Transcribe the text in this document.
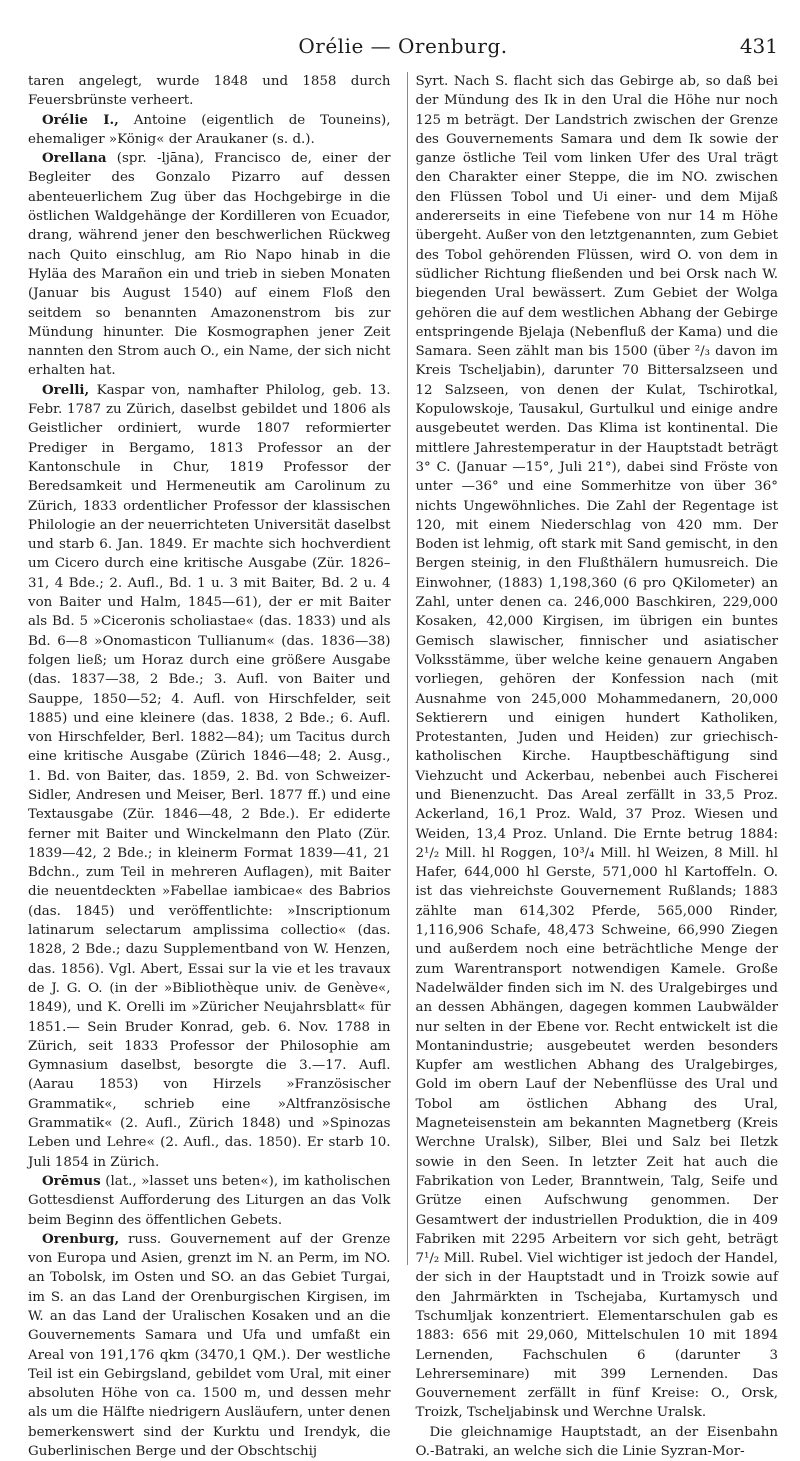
Orélie — Orenburg.	431

taren angelegt, wurde 1848 und 1858 durch Feuersbrünste verheert.

Orélie I., Antoine (eigentlich de Touneins), ehemaliger »König« der Araukaner (s. d.).

Orellana (spr. -ljāna), Francisco de, einer der Begleiter des Gonzalo Pizarro auf dessen abenteuerlichem Zug über das Hochgebirge in die östlichen Waldgehänge der Kordilleren von Ecuador, drang, während jener den beschwerlichen Rückweg nach Quito einschlug, am Rio Napo hinab in die Hyläa des Marañon ein und trieb in sieben Monaten (Januar bis August 1540) auf einem Floß den seitdem so benannten Amazonenstrom bis zur Mündung hinunter. Die Kosmographen jener Zeit nannten den Strom auch O., ein Name, der sich nicht erhalten hat.

Orelli, Kaspar von, namhafter Philolog, geb. 13. Febr. 1787 zu Zürich, daselbst gebildet und 1806 als Geistlicher ordiniert, wurde 1807 reformierter Prediger in Bergamo, 1813 Professor an der Kantonschule in Chur, 1819 Professor der Beredsamkeit und Hermeneutik am Carolinum zu Zürich, 1833 ordentlicher Professor der klassischen Philologie an der neuerrichteten Universität daselbst und starb 6. Jan. 1849. Er machte sich hochverdient um Cicero durch eine kritische Ausgabe (Zür. 1826–31, 4 Bde.; 2. Aufl., Bd. 1 u. 3 mit Baiter, Bd. 2 u. 4 von Baiter und Halm, 1845—61), der er mit Baiter als Bd. 5 »Ciceronis scholiastae« (das. 1833) und als Bd. 6—8 »Onomasticon Tullianum« (das. 1836—38) folgen ließ; um Horaz durch eine größere Ausgabe (das. 1837—38, 2 Bde.; 3. Aufl. von Baiter und Sauppe, 1850—52; 4. Aufl. von Hirschfelder, seit 1885) und eine kleinere (das. 1838, 2 Bde.; 6. Aufl. von Hirschfelder, Berl. 1882—84); um Tacitus durch eine kritische Ausgabe (Zürich 1846—48; 2. Ausg., 1. Bd. von Baiter, das. 1859, 2. Bd. von Schweizer-Sidler, Andresen und Meiser, Berl. 1877 ff.) und eine Textausgabe (Zür. 1846—48, 2 Bde.). Er ediderte ferner mit Baiter und Winckelmann den Plato (Zür. 1839—42, 2 Bde.; in kleinerm Format 1839—41, 21 Bdchn., zum Teil in mehreren Auflagen), mit Baiter die neuentdeckten »Fabellae iambicae« des Babrios (das. 1845) und veröffentlichte: »Inscriptionum latinarum selectarum amplissima collectio« (das. 1828, 2 Bde.; dazu Supplementband von W. Henzen, das. 1856). Vgl. Abert, Essai sur la vie et les travaux de J. G. O. (in der »Bibliothèque univ. de Genève«, 1849), und K. Orelli im »Züricher Neujahrsblatt« für 1851.— Sein Bruder Konrad, geb. 6. Nov. 1788 in Zürich, seit 1833 Professor der Philosophie am Gymnasium daselbst, besorgte die 3.—17. Aufl. (Aarau 1853) von Hirzels »Französischer Grammatik«, schrieb eine »Altfranzösische Grammatik« (2. Aufl., Zürich 1848) und »Spinozas Leben und Lehre« (2. Aufl., das. 1850). Er starb 10. Juli 1854 in Zürich.

Orēmus (lat., »lasset uns beten«), im katholischen Gottesdienst Aufforderung des Liturgen an das Volk beim Beginn des öffentlichen Gebets.

Orenburg, russ. Gouvernement auf der Grenze von Europa und Asien, grenzt im N. an Perm, im NO. an Tobolsk, im Osten und SO. an das Gebiet Turgai, im S. an das Land der Orenburgischen Kirgisen, im W. an das Land der Uralischen Kosaken und an die Gouvernements Samara und Ufa und umfaßt ein Areal von 191,176 qkm (3470,1 QM.). Der westliche Teil ist ein Gebirgsland, gebildet vom Ural, mit einer absoluten Höhe von ca. 1500 m, und dessen mehr als um die Hälfte niedrigern Ausläufern, unter denen bemerkenswert sind der Kurktu und Irendyk, die Guberlinischen Berge und der Obschtschij

Syrt. Nach S. flacht sich das Gebirge ab, so daß bei der Mündung des Ik in den Ural die Höhe nur noch 125 m beträgt. Der Landstrich zwischen der Grenze des Gouvernements Samara und dem Ik sowie der ganze östliche Teil vom linken Ufer des Ural trägt den Charakter einer Steppe, die im NO. zwischen den Flüssen Tobol und Ui einer- und dem Mijaß andererseits in eine Tiefebene von nur 14 m Höhe übergeht. Außer von den letztgenannten, zum Gebiet des Tobol gehörenden Flüssen, wird O. von dem in südlicher Richtung fließenden und bei Orsk nach W. biegenden Ural bewässert. Zum Gebiet der Wolga gehören die auf dem westlichen Abhang der Gebirge entspringende Bjelaja (Nebenfluß der Kama) und die Samara. Seen zählt man bis 1500 (über ²/₃ davon im Kreis Tscheljabin), darunter 70 Bittersalzseen und 12 Salzseen, von denen der Kulat, Tschirotkal, Kopulowskoje, Tausakul, Gurtulkul und einige andre ausgebeutet werden. Das Klima ist kontinental. Die mittlere Jahrestemperatur in der Hauptstadt beträgt 3° C. (Januar —15°, Juli 21°), dabei sind Fröste von unter —36° und eine Sommerhitze von über 36° nichts Ungewöhnliches. Die Zahl der Regentage ist 120, mit einem Niederschlag von 420 mm. Der Boden ist lehmig, oft stark mit Sand gemischt, in den Bergen steinig, in den Flußthälern humusreich. Die Einwohner, (1883) 1,198,360 (6 pro QKilometer) an Zahl, unter denen ca. 246,000 Baschkiren, 229,000 Kosaken, 42,000 Kirgisen, im übrigen ein buntes Gemisch slawischer, finnischer und asiatischer Volksstämme, über welche keine genauern Angaben vorliegen, gehören der Konfession nach (mit Ausnahme von 245,000 Mohammedanern, 20,000 Sektierern und einigen hundert Katholiken, Protestanten, Juden und Heiden) zur griechisch-katholischen Kirche. Hauptbeschäftigung sind Viehzucht und Ackerbau, nebenbei auch Fischerei und Bienenzucht. Das Areal zerfällt in 33,5 Proz. Ackerland, 16,1 Proz. Wald, 37 Proz. Wiesen und Weiden, 13,4 Proz. Unland. Die Ernte betrug 1884: 2¹/₂ Mill. hl Roggen, 10³/₄ Mill. hl Weizen, 8 Mill. hl Hafer, 644,000 hl Gerste, 571,000 hl Kartoffeln. O. ist das viehreichste Gouvernement Rußlands; 1883 zählte man 614,302 Pferde, 565,000 Rinder, 1,116,906 Schafe, 48,473 Schweine, 66,990 Ziegen und außerdem noch eine beträchtliche Menge der zum Warentransport notwendigen Kamele. Große Nadelwälder finden sich im N. des Uralgebirges und an dessen Abhängen, dagegen kommen Laubwälder nur selten in der Ebene vor. Recht entwickelt ist die Montanindustrie; ausgebeutet werden besonders Kupfer am westlichen Abhang des Uralgebirges, Gold im obern Lauf der Nebenflüsse des Ural und Tobol am östlichen Abhang des Ural, Magneteisenstein am bekannten Magnetberg (Kreis Werchne Uralsk), Silber, Blei und Salz bei Iletzk sowie in den Seen. In letzter Zeit hat auch die Fabrikation von Leder, Branntwein, Talg, Seife und Grütze einen Aufschwung genommen. Der Gesamtwert der industriellen Produktion, die in 409 Fabriken mit 2295 Arbeitern vor sich geht, beträgt 7¹/₂ Mill. Rubel. Viel wichtiger ist jedoch der Handel, der sich in der Hauptstadt und in Troizk sowie auf den Jahrmärkten in Tschejaba, Kurtamysch und Tschumljak konzentriert. Elementarschulen gab es 1883: 656 mit 29,060, Mittelschulen 10 mit 1894 Lernenden, Fachschulen 6 (darunter 3 Lehrerseminare) mit 399 Lernenden. Das Gouvernement zerfällt in fünf Kreise: O., Orsk, Troizk, Tscheljabinsk und Werchne Uralsk.

Die gleichnamige Hauptstadt, an der Eisenbahn O.-Batraki, an welche sich die Linie Syzran-Mor-
